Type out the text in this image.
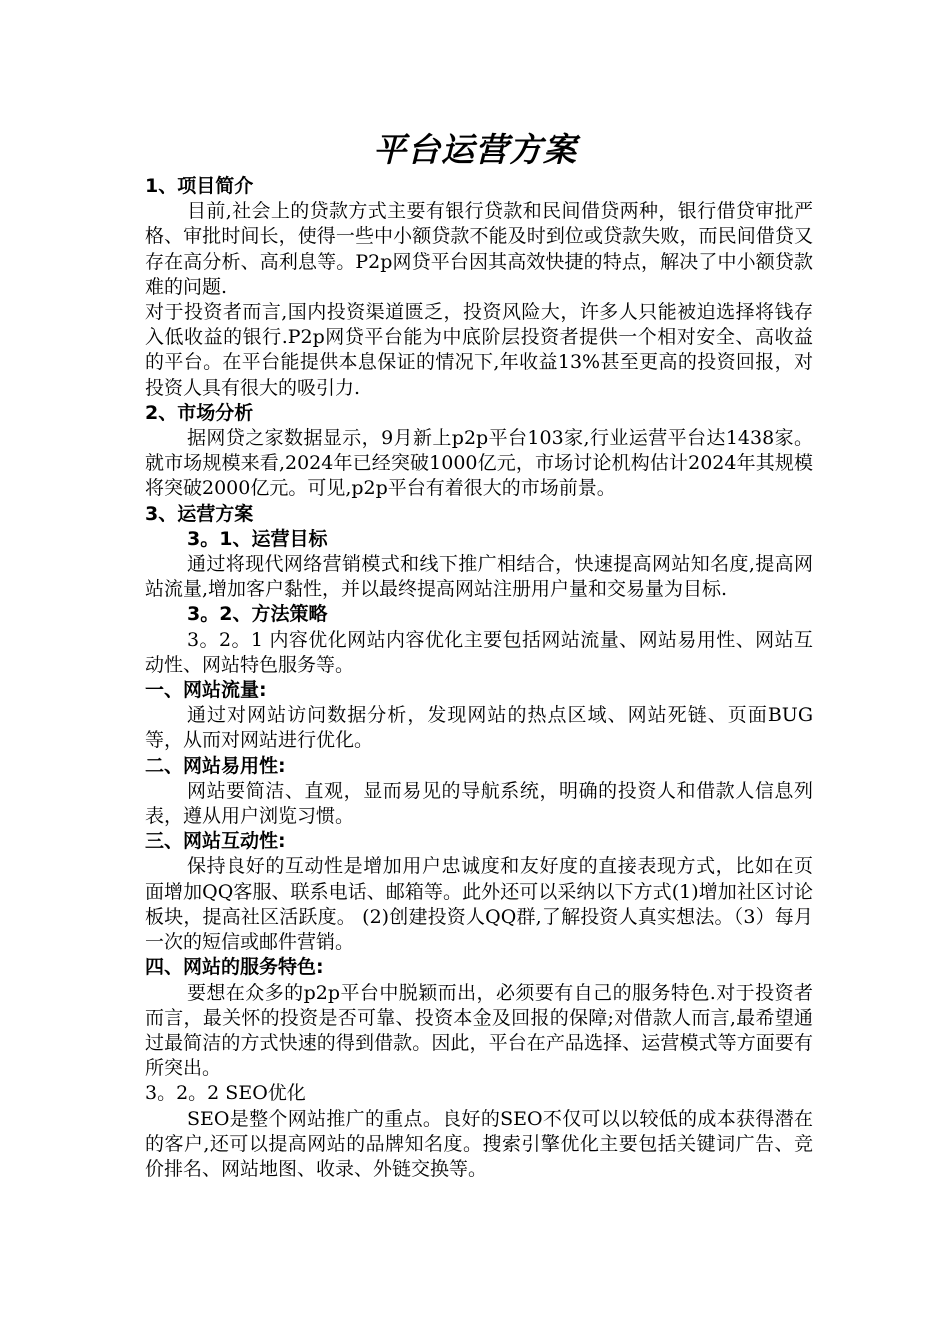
平台运营方案
1、项目简介

目前,社会上的贷款方式主要有银行贷款和民间借贷两种，银行借贷审批严格、审批时间长，使得一些中小额贷款不能及时到位或贷款失败，而民间借贷又存在高分析、高利息等。P2p网贷平台因其高效快捷的特点，解决了中小额贷款难的问题.

对于投资者而言,国内投资渠道匮乏，投资风险大，许多人只能被迫选择将钱存入低收益的银行.P2p网贷平台能为中底阶层投资者提供一个相对安全、高收益的平台。在平台能提供本息保证的情况下,年收益13%甚至更高的投资回报，对投资人具有很大的吸引力.

2、市场分析

据网贷之家数据显示，9月新上p2p平台103家,行业运营平台达1438家。就市场规模来看,2024年已经突破1000亿元，市场讨论机构估计2024年其规模将突破2000亿元。可见,p2p平台有着很大的市场前景。

3、运营方案
3。1、运营目标

通过将现代网络营销模式和线下推广相结合，快速提高网站知名度,提高网站流量,增加客户黏性，并以最终提高网站注册用户量和交易量为目标.

3。2、方法策略

3。2。1 内容优化网站内容优化主要包括网站流量、网站易用性、网站互动性、网站特色服务等。

一、网站流量:

通过对网站访问数据分析，发现网站的热点区域、网站死链、页面BUG等，从而对网站进行优化。

二、网站易用性:

网站要简洁、直观，显而易见的导航系统，明确的投资人和借款人信息列表，遵从用户浏览习惯。

三、网站互动性:

保持良好的互动性是增加用户忠诚度和友好度的直接表现方式，比如在页面增加QQ客服、联系电话、邮箱等。此外还可以采纳以下方式(1)增加社区讨论板块，提高社区活跃度。 (2)创建投资人QQ群,了解投资人真实想法。（3）每月一次的短信或邮件营销。

四、网站的服务特色:

要想在众多的p2p平台中脱颖而出，必须要有自己的服务特色.对于投资者而言，最关怀的投资是否可靠、投资本金及回报的保障;对借款人而言,最希望通过最简洁的方式快速的得到借款。因此，平台在产品选择、运营模式等方面要有所突出。

3。2。2 SEO优化

SEO是整个网站推广的重点。良好的SEO不仅可以以较低的成本获得潜在的客户,还可以提高网站的品牌知名度。搜索引擎优化主要包括关键词广告、竞价排名、网站地图、收录、外链交换等。
